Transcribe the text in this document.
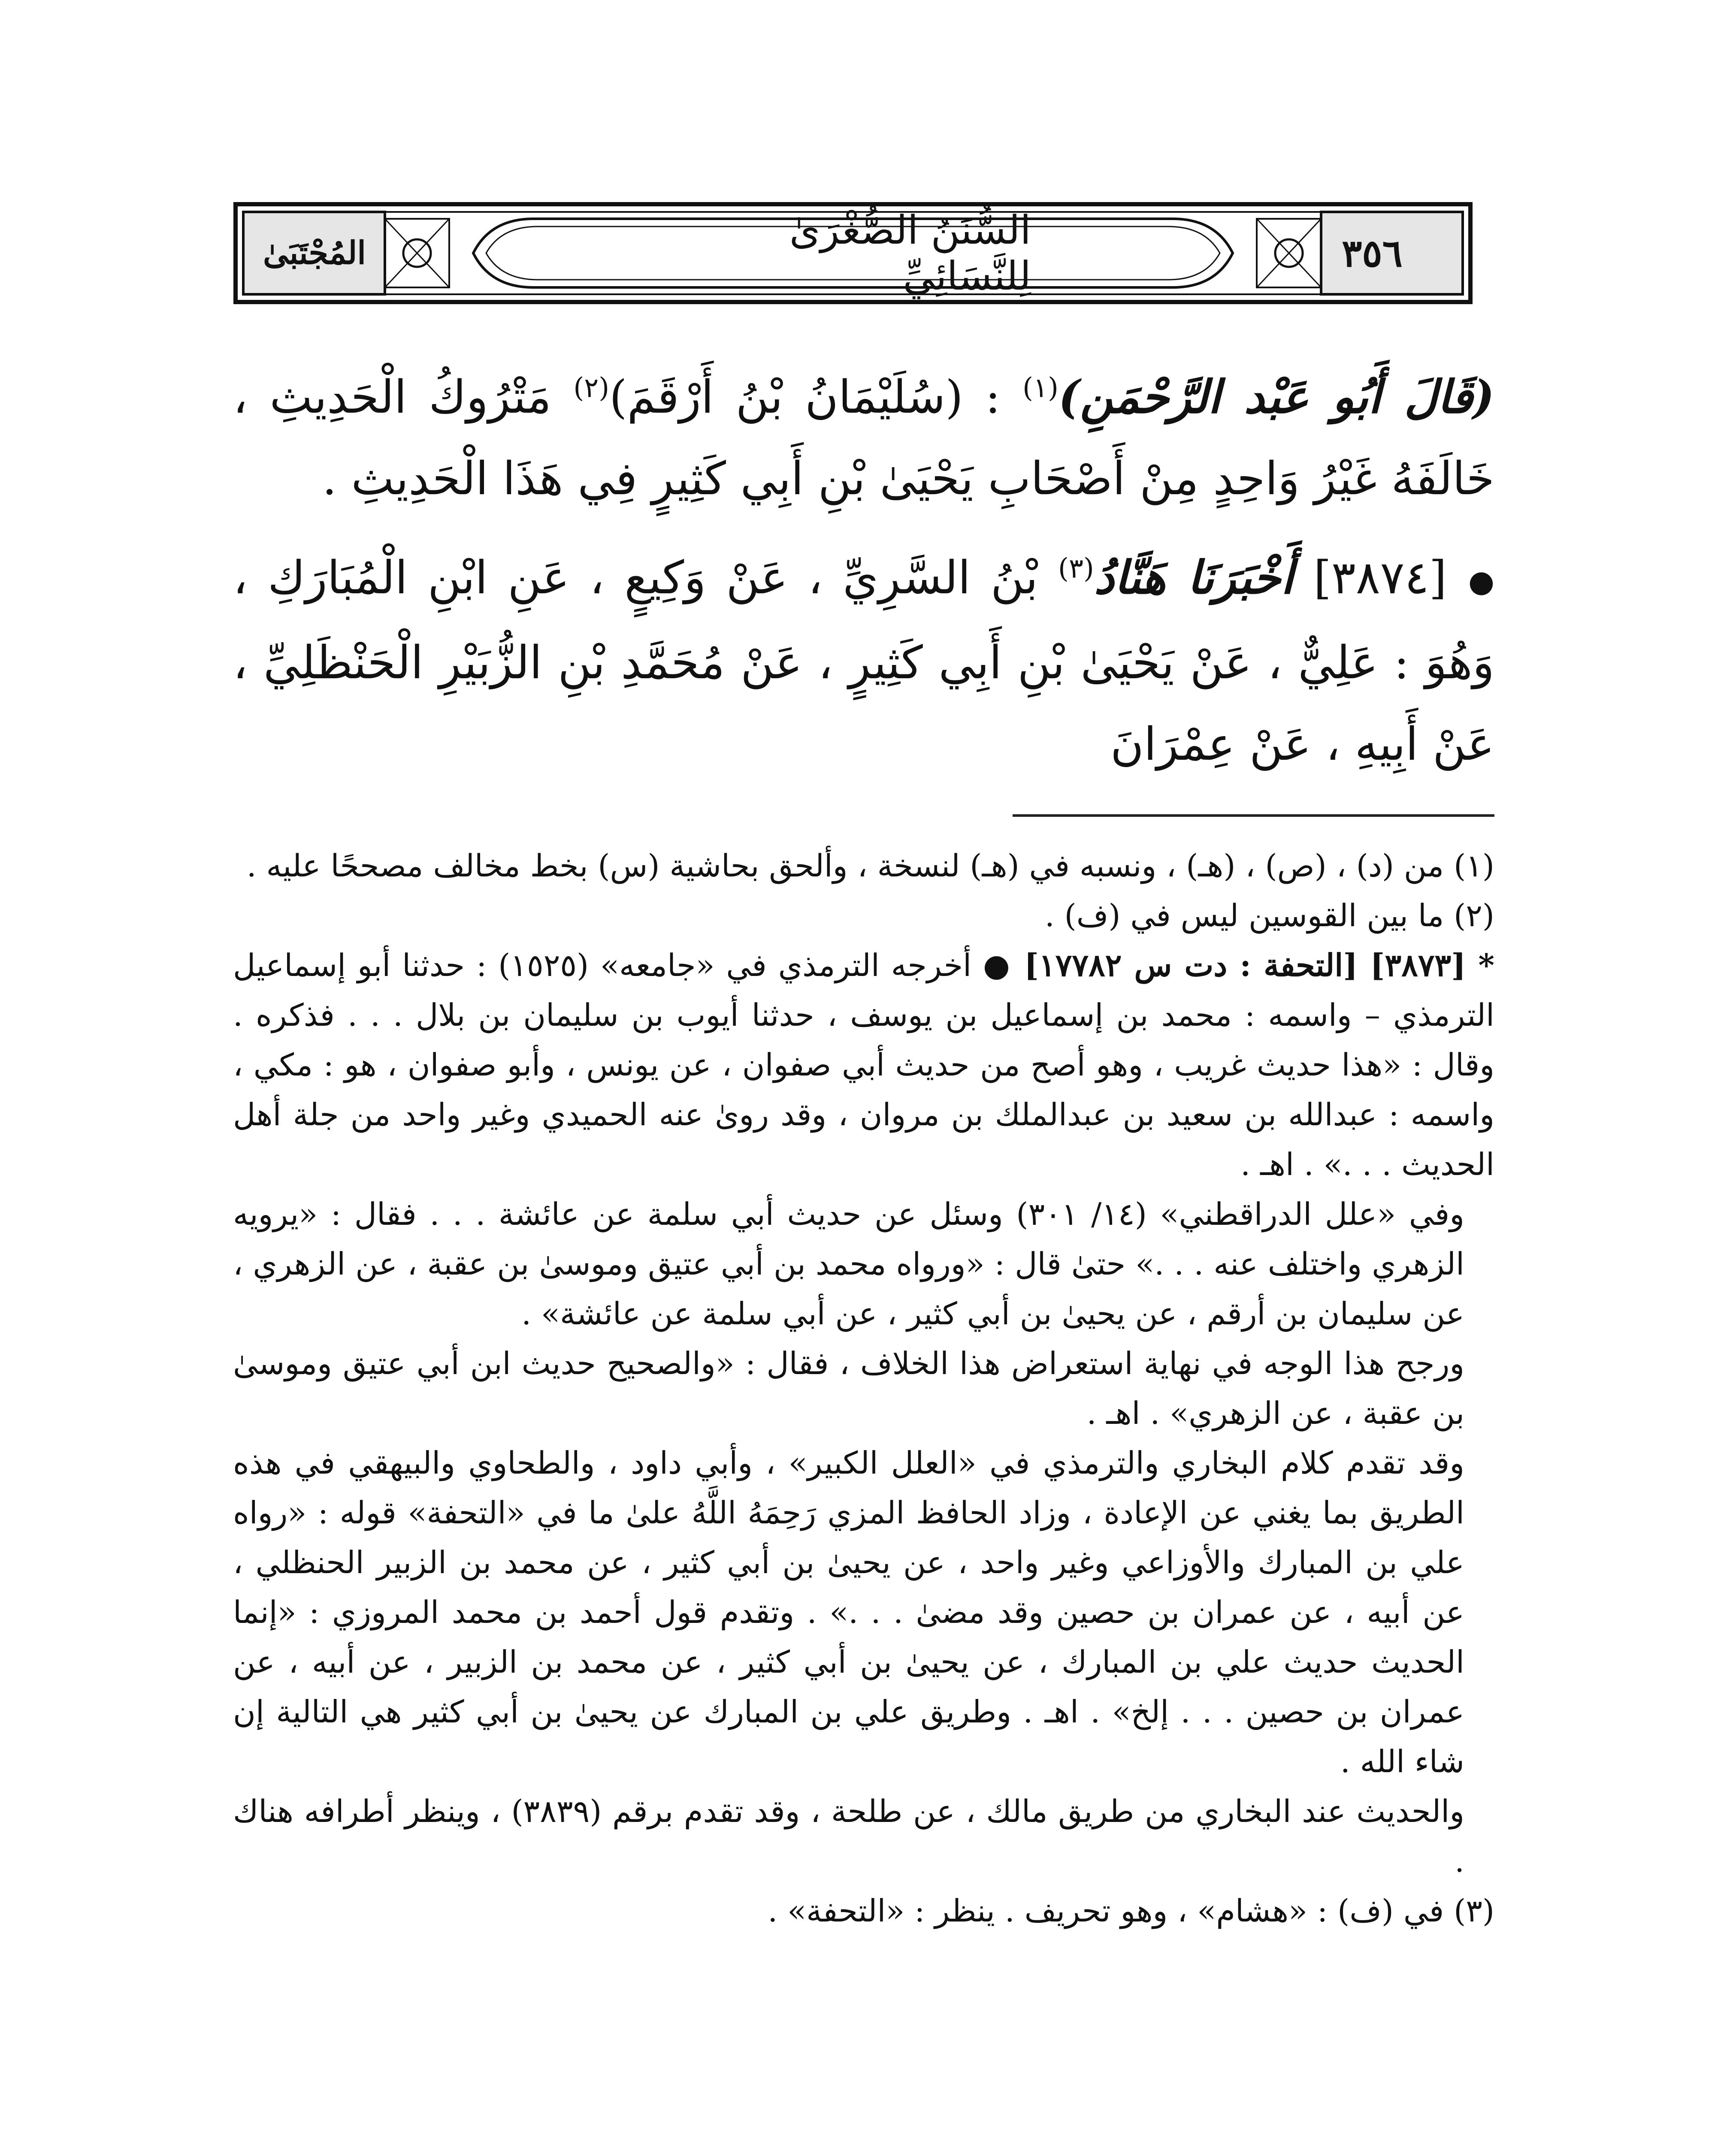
٣٥٦
السُّنَنُ الصُّغْرَىٰ لِلنَّسَائِيِّ
المُجْتَبَىٰ

(قَالَ أَبُو عَبْد الرَّحْمَنِ)$^{(١)}$ : (سُلَيْمَانُ بْنُ أَرْقَمَ)$^{(٢)}$ مَتْرُوكُ الْحَدِيثِ ، خَالَفَهُ غَيْرُ وَاحِدٍ مِنْ أَصْحَابِ يَحْيَىٰ بْنِ أَبِي كَثِيرٍ فِي هَذَا الْحَدِيثِ .

●[٣٨٧٤] أَخْبَرَنَا هَنَّادُ$^{(٣)}$ بْنُ السَّرِيِّ ، عَنْ وَكِيعٍ ، عَنِ ابْنِ الْمُبَارَكِ ، وَهُوَ : عَلِيٌّ ، عَنْ يَحْيَىٰ بْنِ أَبِي كَثِيرٍ ، عَنْ مُحَمَّدِ بْنِ الزُّبَيْرِ الْحَنْظَلِيِّ ، عَنْ أَبِيهِ ، عَنْ عِمْرَانَ

(١) من (د) ، (ص) ، (هـ) ، ونسبه في (هـ) لنسخة ، وألحق بحاشية (س) بخط مخالف مصححًا عليه .

(٢) ما بين القوسين ليس في (ف) .

* [٣٨٧٣] [التحفة : دت س ١٧٧٨٢] ● أخرجه الترمذي في «جامعه» (١٥٢٥) : حدثنا أبو إسماعيل الترمذي – واسمه : محمد بن إسماعيل بن يوسف ، حدثنا أيوب بن سليمان بن بلال . . . فذكره . وقال : «هذا حديث غريب ، وهو أصح من حديث أبي صفوان ، عن يونس ، وأبو صفوان ، هو : مكي ، واسمه : عبدالله بن سعيد بن عبدالملك بن مروان ، وقد روىٰ عنه الحميدي وغير واحد من جلة أهل الحديث . . .» . اهـ .

وفي «علل الدراقطني» (١٤/ ٣٠١) وسئل عن حديث أبي سلمة عن عائشة . . . فقال : «يرويه الزهري واختلف عنه . . .» حتىٰ قال : «ورواه محمد بن أبي عتيق وموسىٰ بن عقبة ، عن الزهري ، عن سليمان بن أرقم ، عن يحيىٰ بن أبي كثير ، عن أبي سلمة عن عائشة» .

ورجح هذا الوجه في نهاية استعراض هذا الخلاف ، فقال : «والصحيح حديث ابن أبي عتيق وموسىٰ بن عقبة ، عن الزهري» . اهـ .

وقد تقدم كلام البخاري والترمذي في «العلل الكبير» ، وأبي داود ، والطحاوي والبيهقي في هذه الطريق بما يغني عن الإعادة ، وزاد الحافظ المزي رَحِمَهُ اللَّهُ علىٰ ما في «التحفة» قوله : «رواه علي بن المبارك والأوزاعي وغير واحد ، عن يحيىٰ بن أبي كثير ، عن محمد بن الزبير الحنظلي ، عن أبيه ، عن عمران بن حصين وقد مضىٰ . . .» . وتقدم قول أحمد بن محمد المروزي : «إنما الحديث حديث علي بن المبارك ، عن يحيىٰ بن أبي كثير ، عن محمد بن الزبير ، عن أبيه ، عن عمران بن حصين . . . إلخ» . اهـ . وطريق علي بن المبارك عن يحيىٰ بن أبي كثير هي التالية إن شاء الله .

والحديث عند البخاري من طريق مالك ، عن طلحة ، وقد تقدم برقم (٣٨٣٩) ، وينظر أطرافه هناك .

(٣) في (ف) : «هشام» ، وهو تحريف . ينظر : «التحفة» .
